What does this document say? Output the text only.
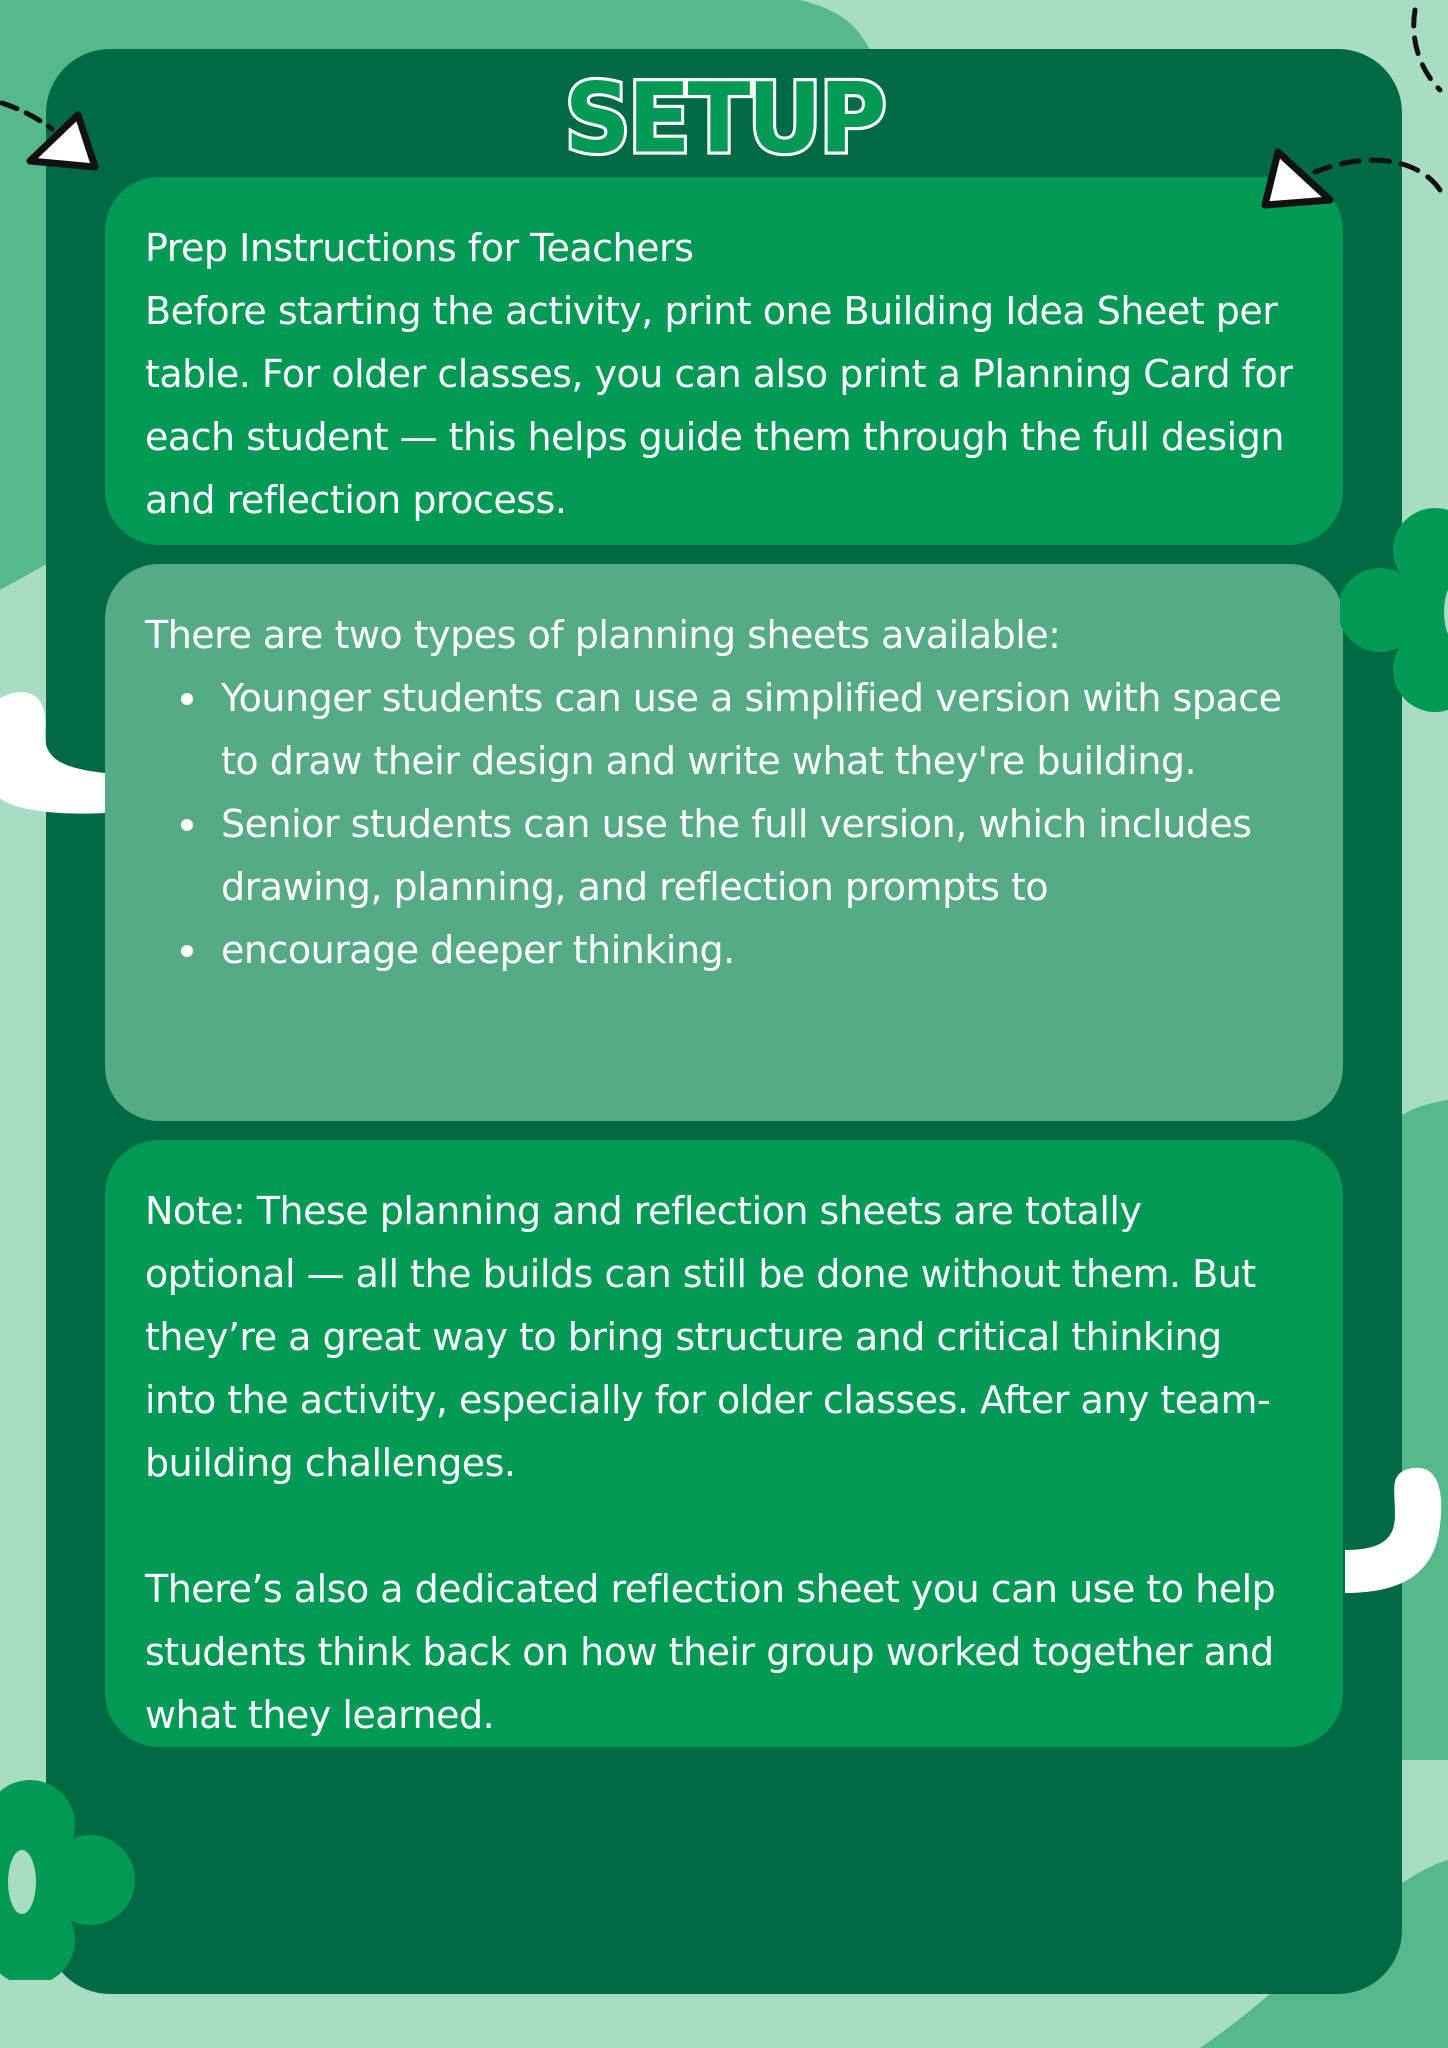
SETUP

Prep Instructions for Teachers

Before starting the activity, print one Building Idea Sheet per table. For older classes, you can also print a Planning Card for each student — this helps guide them through the full design and reflection process.

There are two types of planning sheets available:

Younger students can use a simplified version with space to draw their design and write what they're building.
Senior students can use the full version, which includes drawing, planning, and reflection prompts to
encourage deeper thinking.

Note: These planning and reflection sheets are totally optional — all the builds can still be done without them. But they’re a great way to bring structure and critical thinking into the activity, especially for older classes. After any team-building challenges.

There’s also a dedicated reflection sheet you can use to help students think back on how their group worked together and what they learned.
